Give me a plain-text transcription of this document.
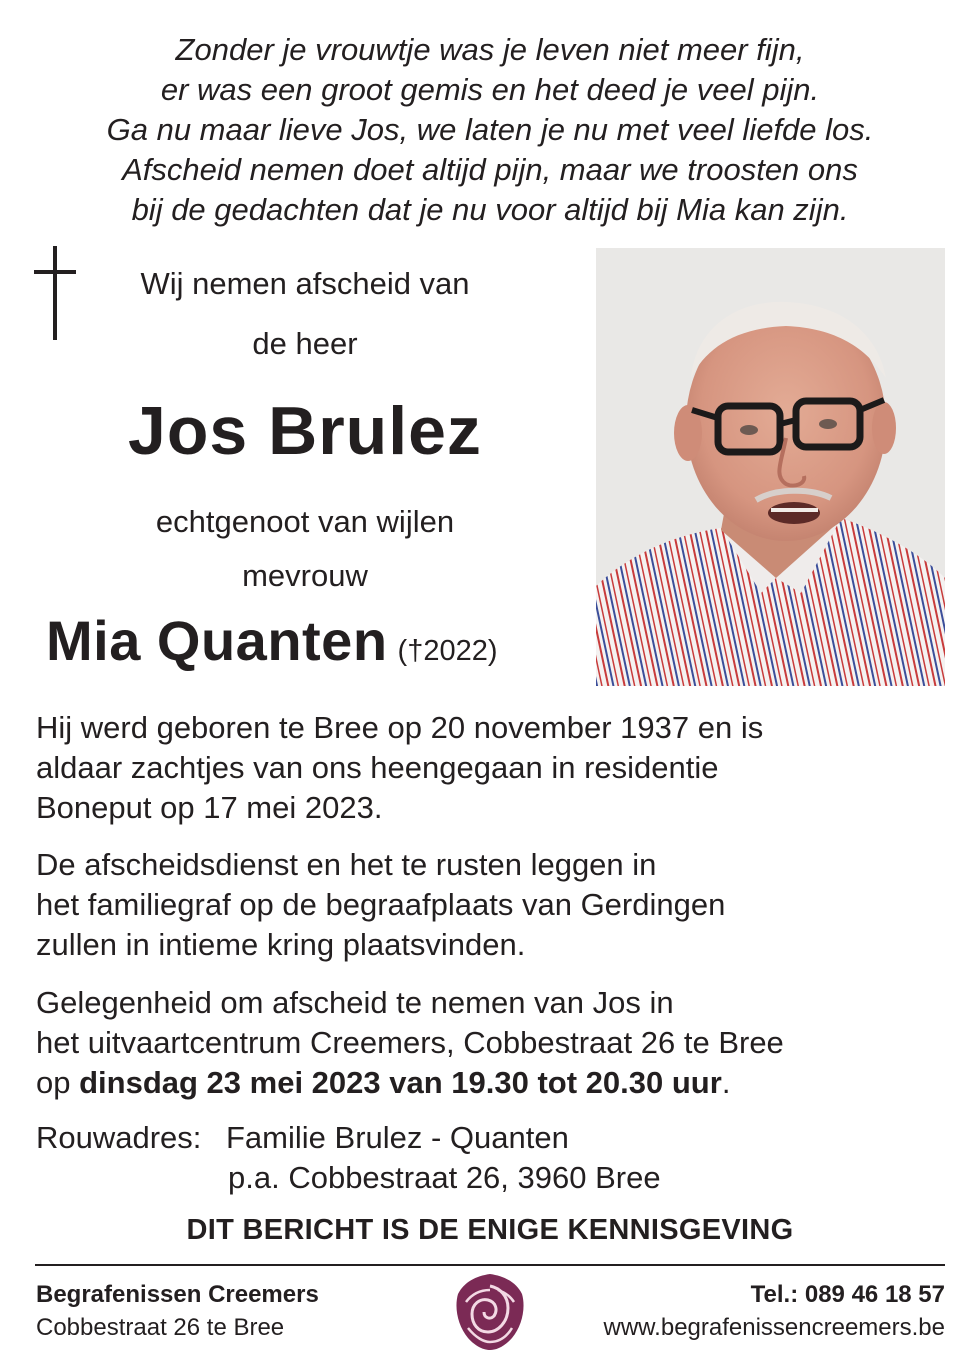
Zonder je vrouwtje was je leven niet meer fijn,
er was een groot gemis en het deed je veel pijn.
Ga nu maar lieve Jos, we laten je nu met veel liefde los.
Afscheid nemen doet altijd pijn, maar we troosten ons
bij de gedachten dat je nu voor altijd bij Mia kan zijn.
Wij nemen afscheid van
de heer
Jos Brulez
echtgenoot van wijlen
mevrouw
Mia Quanten (†2022)
Hij werd geboren te Bree op 20 november 1937 en is
aldaar zachtjes van ons heengegaan in residentie
Boneput op 17 mei 2023.
De afscheidsdienst en het te rusten leggen in
het familiegraf op de begraafplaats van Gerdingen
zullen in intieme kring plaatsvinden.
Gelegenheid om afscheid te nemen van Jos in
het uitvaartcentrum Creemers, Cobbestraat 26 te Bree
op dinsdag 23 mei 2023 van 19.30 tot 20.30 uur.
Rouwadres: Familie Brulez - Quanten
p.a. Cobbestraat 26, 3960 Bree
DIT BERICHT IS DE ENIGE KENNISGEVING
Begrafenissen Creemers
Cobbestraat 26 te Bree
Tel.: 089 46 18 57
www.begrafenissencreemers.be
